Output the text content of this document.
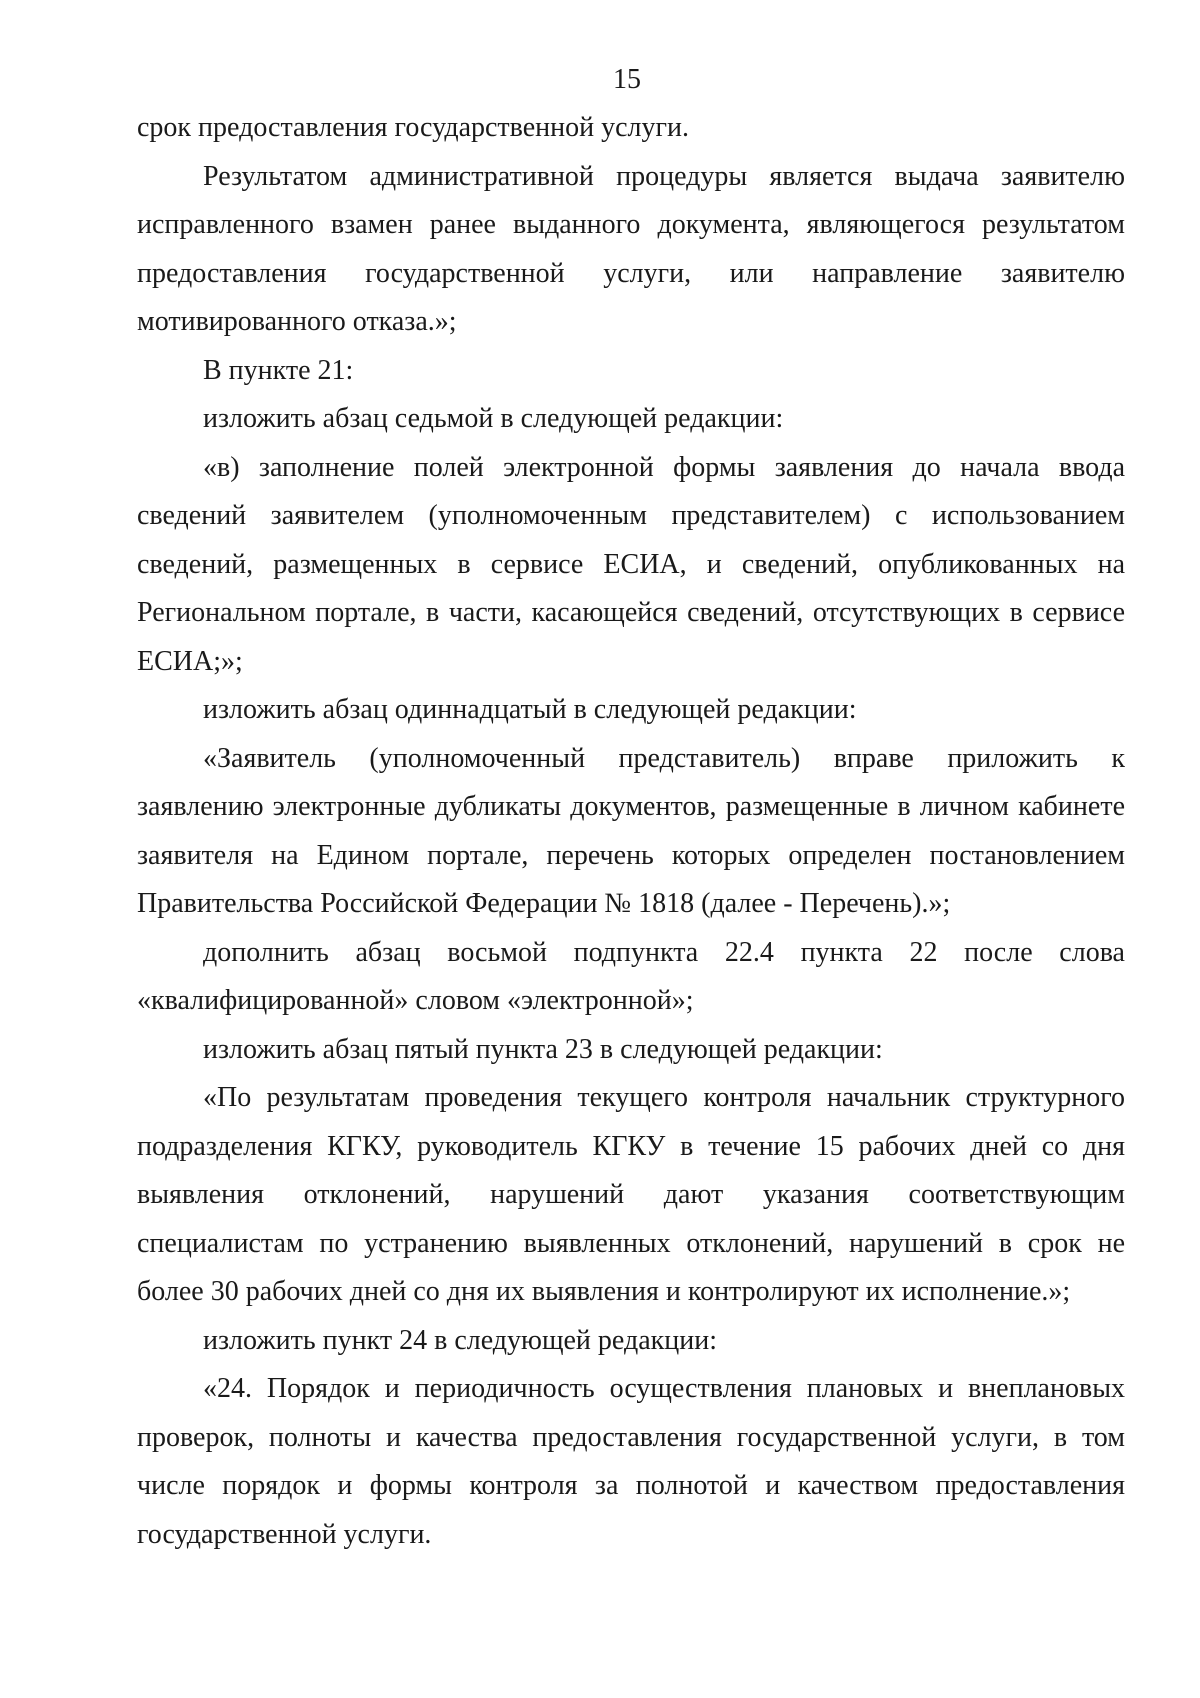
15

срок предоставления государственной услуги.

Результатом административной процедуры является выдача заявителю исправленного взамен ранее выданного документа, являющегося результатом предоставления государственной услуги, или направление заявителю мотивированного отказа.»;

В пункте 21:

изложить абзац седьмой в следующей редакции:

«в) заполнение полей электронной формы заявления до начала ввода сведений заявителем (уполномоченным представителем) с использованием сведений, размещенных в сервисе ЕСИА, и сведений, опубликованных на Региональном портале, в части, касающейся сведений, отсутствующих в сервисе ЕСИА;»;

изложить абзац одиннадцатый в следующей редакции:

«Заявитель (уполномоченный представитель) вправе приложить к заявлению электронные дубликаты документов, размещенные в личном кабинете заявителя на Едином портале, перечень которых определен постановлением Правительства Российской Федерации № 1818 (далее - Перечень).»;

дополнить абзац восьмой подпункта 22.4 пункта 22 после слова «квалифицированной» словом «электронной»;

изложить абзац пятый пункта 23 в следующей редакции:

«По результатам проведения текущего контроля начальник структурного подразделения КГКУ, руководитель КГКУ в течение 15 рабочих дней со дня выявления отклонений, нарушений дают указания соответствующим специалистам по устранению выявленных отклонений, нарушений в срок не более 30 рабочих дней со дня их выявления и контролируют их исполнение.»;

изложить пункт 24 в следующей редакции:

«24. Порядок и периодичность осуществления плановых и внеплановых проверок, полноты и качества предоставления государственной услуги, в том числе порядок и формы контроля за полнотой и качеством предоставления государственной услуги.
